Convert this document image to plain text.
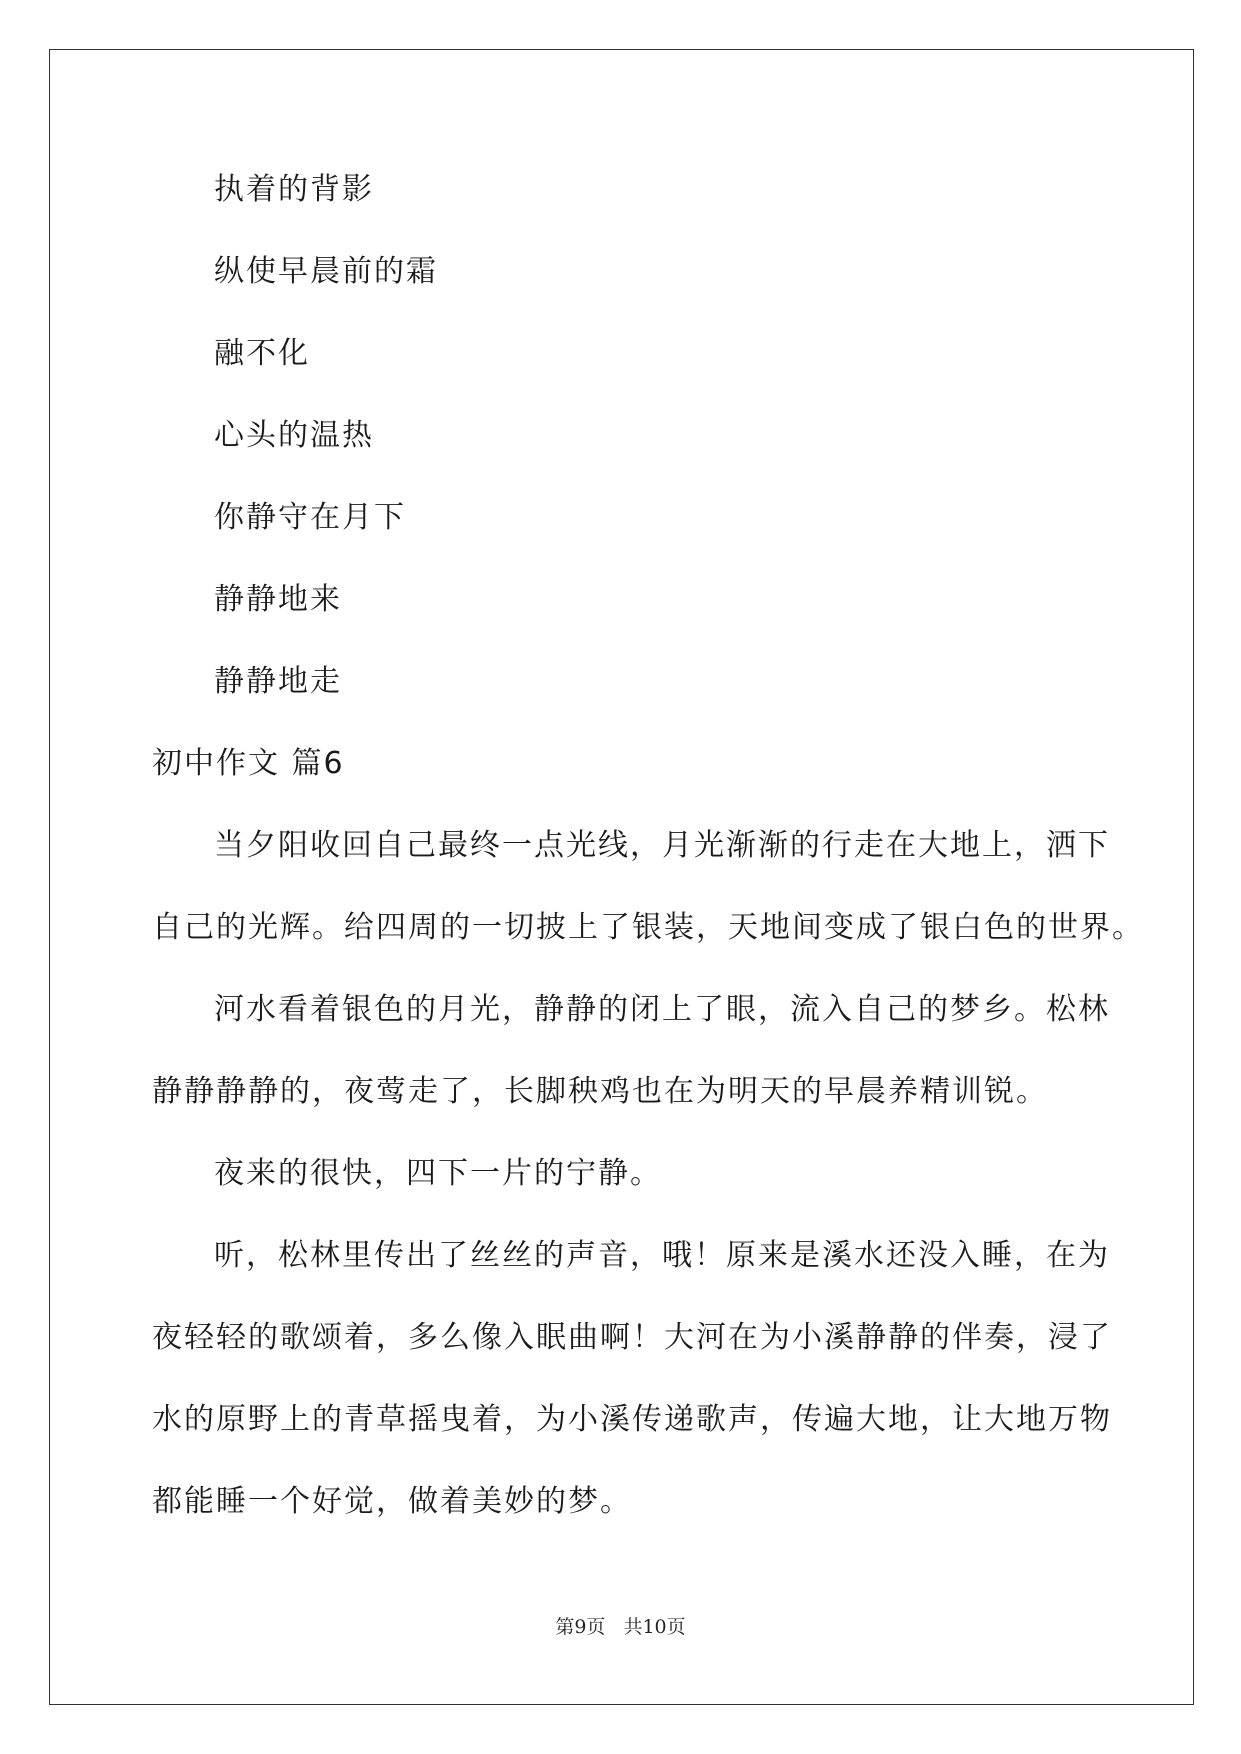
执着的背影
纵使早晨前的霜
融不化
心头的温热
你静守在月下
静静地来
静静地走
初中作文 篇6
当夕阳收回自己最终一点光线，月光渐渐的行走在大地上，洒下
自己的光辉。给四周的一切披上了银装，天地间变成了银白色的世界。
河水看着银色的月光，静静的闭上了眼，流入自己的梦乡。松林
静静静静的，夜莺走了，长脚秧鸡也在为明天的早晨养精训锐。
夜来的很快，四下一片的宁静。
听，松林里传出了丝丝的声音，哦！原来是溪水还没入睡，在为
夜轻轻的歌颂着，多么像入眠曲啊！大河在为小溪静静的伴奏，浸了
水的原野上的青草摇曳着，为小溪传递歌声，传遍大地，让大地万物
都能睡一个好觉，做着美妙的梦。
第9页 共10页
